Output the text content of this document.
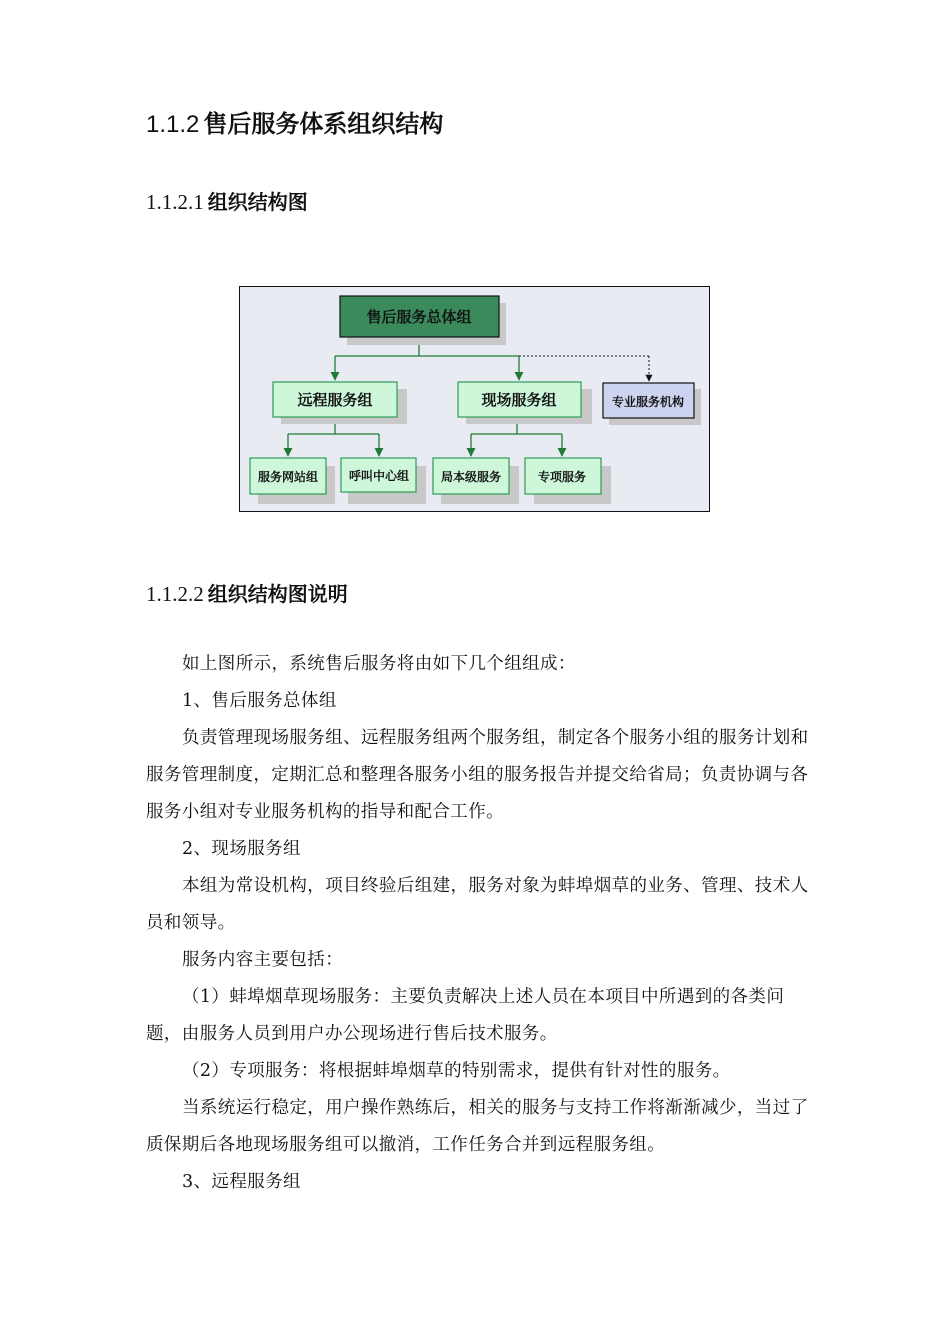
1.1.2 售后服务体系组织结构
1.1.2.1 组织结构图
售后服务总体组
远程服务组	现场服务组	专业服务机构
服务网站组	呼叫中心组	局本级服务	专项服务
1.1.2.2 组织结构图说明

如上图所示，系统售后服务将由如下几个组组成：

1、售后服务总体组

负责管理现场服务组、远程服务组两个服务组，制定各个服务小组的服务计划和服务管理制度，定期汇总和整理各服务小组的服务报告并提交给省局；负责协调与各服务小组对专业服务机构的指导和配合工作。

2、现场服务组

本组为常设机构，项目终验后组建，服务对象为蚌埠烟草的业务、管理、技术人员和领导。

服务内容主要包括：

（1）蚌埠烟草现场服务：主要负责解决上述人员在本项目中所遇到的各类问题，由服务人员到用户办公现场进行售后技术服务。

（2）专项服务：将根据蚌埠烟草的特别需求，提供有针对性的服务。

当系统运行稳定，用户操作熟练后，相关的服务与支持工作将渐渐减少，当过了质保期后各地现场服务组可以撤消，工作任务合并到远程服务组。

3、远程服务组
